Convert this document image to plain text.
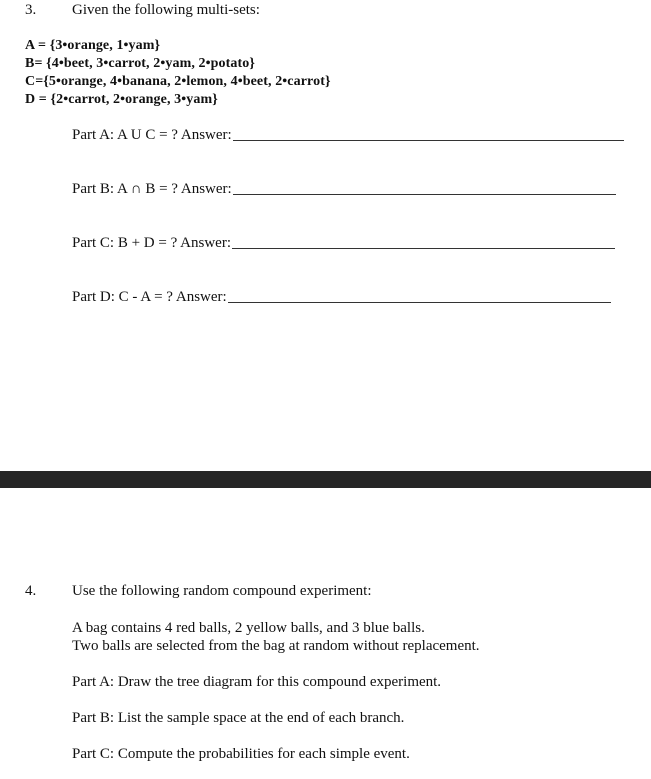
3. Given the following multi-sets:
A = {3•orange, 1•yam}
B= {4•beet, 3•carrot, 2•yam, 2•potato}
C={5•orange, 4•banana, 2•lemon, 4•beet, 2•carrot}
D = {2•carrot, 2•orange, 3•yam}
Part A: A U C = ? Answer:
Part B: A ∩ B = ? Answer:
Part C: B + D = ? Answer:
Part D: C - A = ? Answer:
4. Use the following random compound experiment:
A bag contains 4 red balls, 2 yellow balls, and 3 blue balls.
Two balls are selected from the bag at random without replacement.
Part A: Draw the tree diagram for this compound experiment.
Part B: List the sample space at the end of each branch.
Part C: Compute the probabilities for each simple event.
